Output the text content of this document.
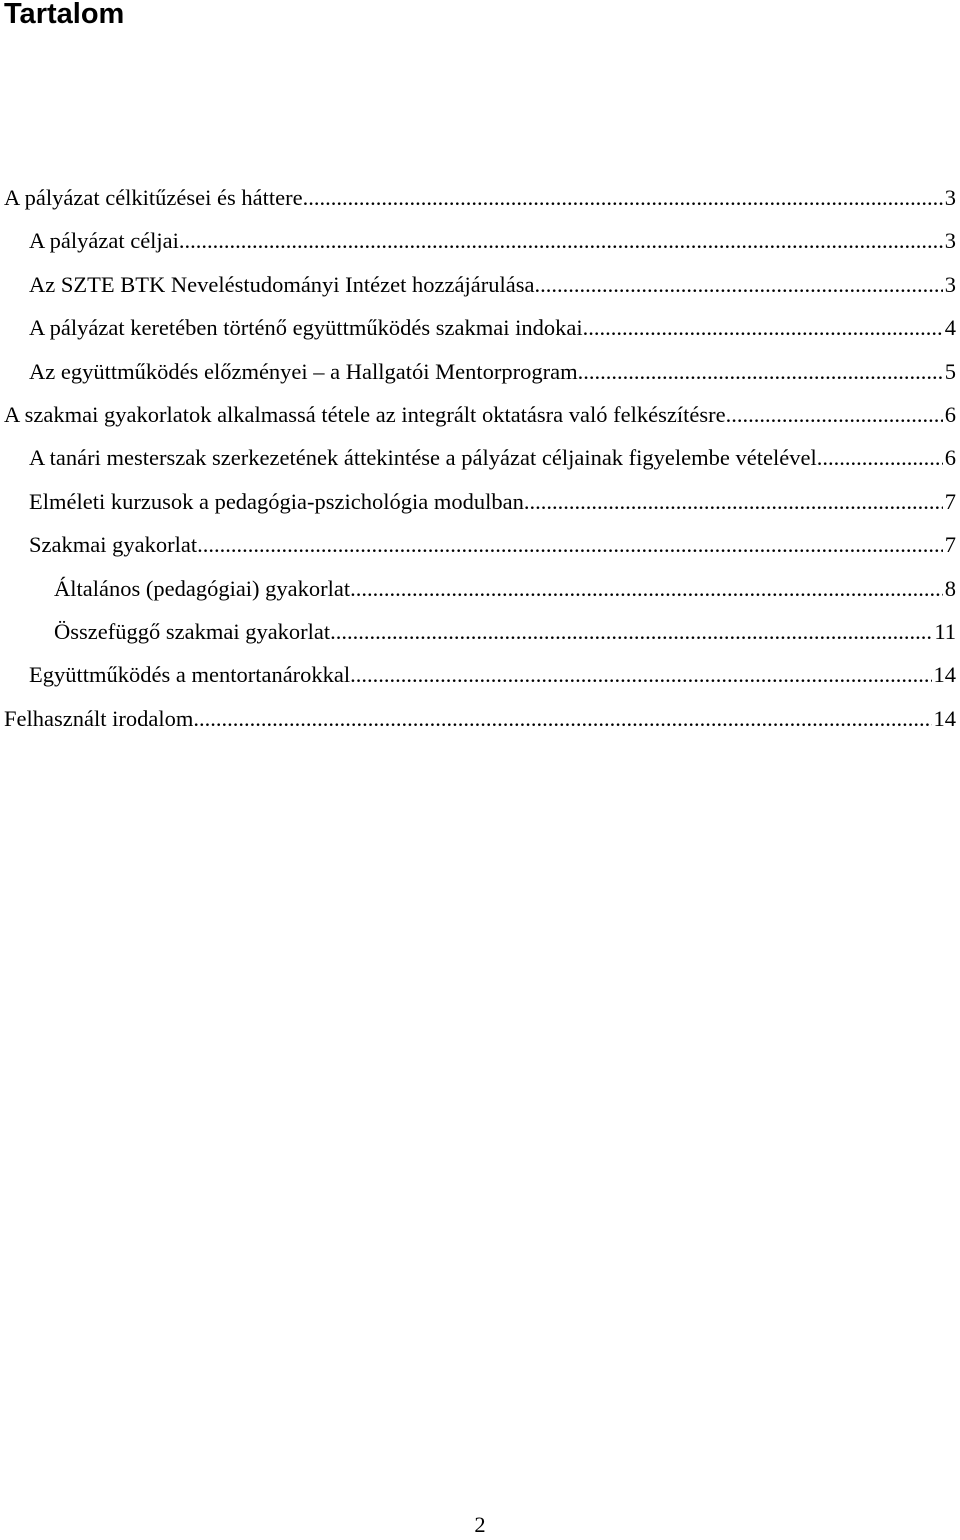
Tartalom
A pályázat célkitűzései és háttere .....	3
A pályázat céljai .....	3
Az SZTE BTK Neveléstudományi Intézet hozzájárulása .....	3
A pályázat keretében történő együttműködés szakmai indokai .....	4
Az együttműködés előzményei – a Hallgatói Mentorprogram .....	5
A szakmai gyakorlatok alkalmassá tétele az integrált oktatásra való felkészítésre .....	6
A tanári mesterszak szerkezetének áttekintése a pályázat céljainak figyelembe vételével .....	6
Elméleti kurzusok a pedagógia-pszichológia modulban .....	7
Szakmai gyakorlat .....	7
Általános (pedagógiai) gyakorlat .....	8
Összefüggő szakmai gyakorlat .....	11
Együttműködés a mentortanárokkal .....	14
Felhasznált irodalom .....	14
2
